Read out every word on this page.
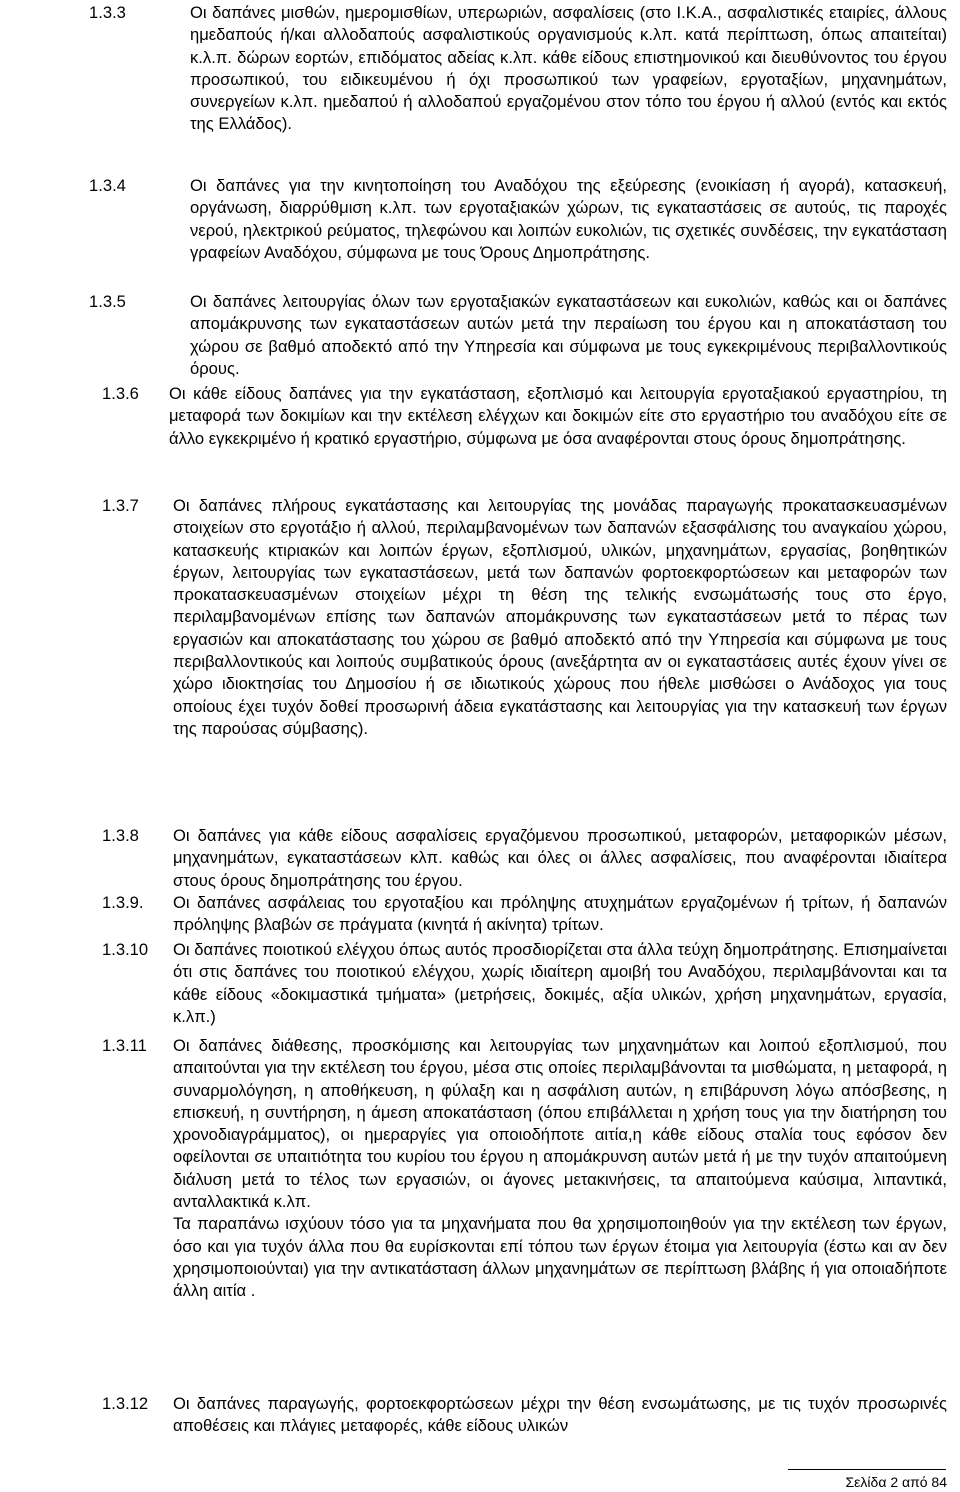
1.3.3	Οι δαπάνες μισθών, ημερομισθίων, υπερωριών, ασφαλίσεις (στο Ι.Κ.Α., ασφαλιστικές εταιρίες, άλλους ημεδαπούς ή/και αλλοδαπούς ασφαλιστικούς οργανισμούς κ.λπ. κατά περίπτωση, όπως απαιτείται) κ.λ.π. δώρων εορτών, επιδόματος αδείας κ.λπ. κάθε είδους επιστημονικού και διευθύνοντος του έργου προσωπικού, του ειδικευμένου ή όχι προσωπικού των γραφείων, εργοταξίων, μηχανημάτων, συνεργείων κ.λπ. ημεδαπού ή αλλοδαπού εργαζομένου στον τόπο του έργου ή αλλού (εντός και εκτός της Ελλάδος).

1.3.4	Οι δαπάνες για την κινητοποίηση του Αναδόχου της εξεύρεσης (ενοικίαση ή αγορά), κατασκευή, οργάνωση, διαρρύθμιση κ.λπ. των εργοταξιακών χώρων, τις εγκαταστάσεις σε αυτούς, τις παροχές νερού, ηλεκτρικού ρεύματος, τηλεφώνου και λοιπών ευκολιών, τις σχετικές συνδέσεις, την εγκατάσταση γραφείων Αναδόχου, σύμφωνα με τους Όρους Δημοπράτησης.

1.3.5	Οι δαπάνες λειτουργίας όλων των εργοταξιακών εγκαταστάσεων και ευκολιών, καθώς και οι δαπάνες απομάκρυνσης των εγκαταστάσεων αυτών μετά την περαίωση του έργου και η αποκατάσταση του χώρου σε βαθμό αποδεκτό από την Υπηρεσία και σύμφωνα με τους εγκεκριμένους περιβαλλοντικούς όρους.

1.3.6 Οι κάθε είδους δαπάνες για την εγκατάσταση, εξοπλισμό και λειτουργία εργοταξιακού εργαστηρίου, τη μεταφορά των δοκιμίων και την εκτέλεση ελέγχων και δοκιμών είτε στο εργαστήριο του αναδόχου είτε σε άλλο εγκεκριμένο ή κρατικό εργαστήριο, σύμφωνα με όσα αναφέρονται στους όρους δημοπράτησης.

1.3.7 Οι δαπάνες πλήρους εγκατάστασης και λειτουργίας της μονάδας παραγωγής προκατασκευασμένων στοιχείων στο εργοτάξιο ή αλλού, περιλαμβανομένων των δαπανών εξασφάλισης του αναγκαίου χώρου, κατασκευής κτιριακών και λοιπών έργων, εξοπλισμού, υλικών, μηχανημάτων, εργασίας, βοηθητικών έργων, λειτουργίας των εγκαταστάσεων, μετά των δαπανών φορτοεκφορτώσεων και μεταφορών των προκατασκευασμένων στοιχείων μέχρι τη θέση της τελικής ενσωμάτωσής τους στο έργο, περιλαμβανομένων επίσης των δαπανών απομάκρυνσης των εγκαταστάσεων μετά το πέρας των εργασιών και αποκατάστασης του χώρου σε βαθμό αποδεκτό από την Υπηρεσία και σύμφωνα με τους περιβαλλοντικούς και λοιπούς συμβατικούς όρους (ανεξάρτητα αν οι εγκαταστάσεις αυτές έχουν γίνει σε χώρο ιδιοκτησίας του Δημοσίου ή σε ιδιωτικούς χώρους που ήθελε μισθώσει ο Ανάδοχος για τους οποίους έχει τυχόν δοθεί προσωρινή άδεια εγκατάστασης και λειτουργίας για την κατασκευή των έργων της παρούσας σύμβασης).

1.3.8 Οι δαπάνες για κάθε είδους ασφαλίσεις εργαζόμενου προσωπικού, μεταφορών, μεταφορικών μέσων, μηχανημάτων, εγκαταστάσεων κλπ. καθώς και όλες οι άλλες ασφαλίσεις, που αναφέρονται ιδιαίτερα στους όρους δημοπράτησης του έργου.

1.3.9. Οι δαπάνες ασφάλειας του εργοταξίου και πρόληψης ατυχημάτων εργαζομένων ή τρίτων, ή δαπανών πρόληψης βλαβών σε πράγματα (κινητά ή ακίνητα) τρίτων.

1.3.10 Οι δαπάνες ποιοτικού ελέγχου όπως αυτός προσδιορίζεται στα άλλα τεύχη δημοπράτησης. Επισημαίνεται ότι στις δαπάνες του ποιοτικού ελέγχου, χωρίς ιδιαίτερη αμοιβή του Αναδόχου, περιλαμβάνονται και τα κάθε είδους «δοκιμαστικά τμήματα» (μετρήσεις, δοκιμές, αξία υλικών, χρήση μηχανημάτων, εργασία, κ.λπ.)

1.3.11 Οι δαπάνες διάθεσης, προσκόμισης και λειτουργίας των μηχανημάτων και λοιπού εξοπλισμού, που απαιτούνται για την εκτέλεση του έργου, μέσα στις οποίες περιλαμβάνονται τα μισθώματα, η μεταφορά, η συναρμολόγηση, η αποθήκευση, η φύλαξη και η ασφάλιση αυτών, η επιβάρυνση λόγω απόσβεσης, η επισκευή, η συντήρηση, η άμεση αποκατάσταση (όπου επιβάλλεται η χρήση τους για την διατήρηση του χρονοδιαγράμματος), οι ημεραργίες για οποιοδήποτε αιτία,η κάθε είδους σταλία τους εφόσον δεν οφείλονται σε υπαιτιότητα του κυρίου του έργου η απομάκρυνση αυτών μετά ή με την τυχόν απαιτούμενη διάλυση μετά το τέλος των εργασιών, οι άγονες μετακινήσεις, τα απαιτούμενα καύσιμα, λιπαντικά, ανταλλακτικά κ.λπ.

Τα παραπάνω ισχύουν τόσο για τα μηχανήματα που θα χρησιμοποιηθούν για την εκτέλεση των έργων, όσο και για τυχόν άλλα που θα ευρίσκονται επί τόπου των έργων έτοιμα για λειτουργία (έστω και αν δεν χρησιμοποιούνται) για την αντικατάσταση άλλων μηχανημάτων σε περίπτωση βλάβης ή για οποιαδήποτε άλλη αιτία .

1.3.12 Οι δαπάνες παραγωγής, φορτοεκφορτώσεων μέχρι την θέση ενσωμάτωσης, με τις τυχόν προσωρινές αποθέσεις και πλάγιες μεταφορές, κάθε είδους υλικών

Σελίδα 2 από 84
